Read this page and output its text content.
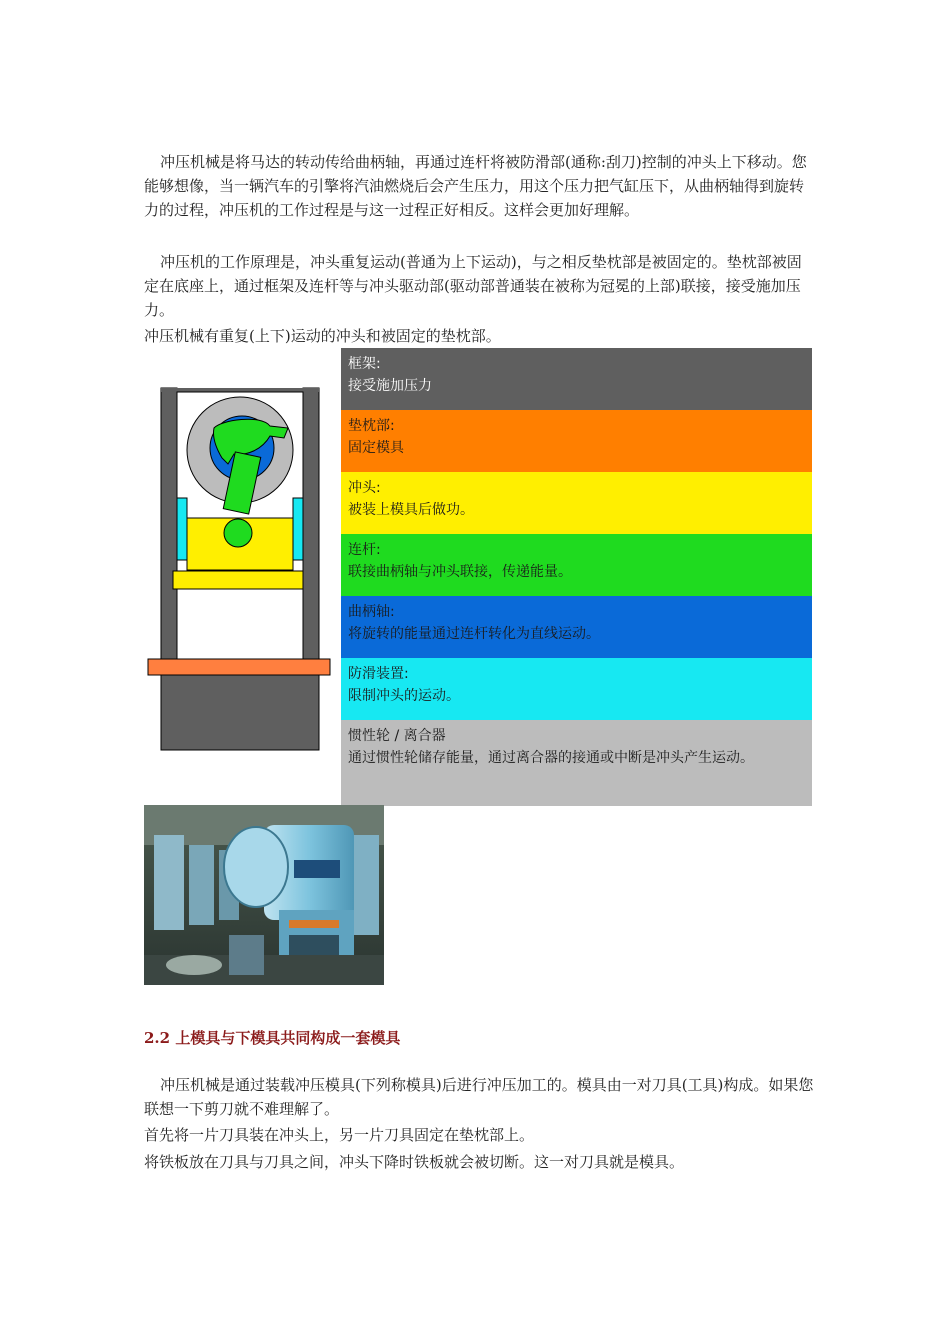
冲压机械是将马达的转动传给曲柄轴，再通过连杆将被防滑部(通称:刮刀)控制的冲头上下移动。您能够想像，当一辆汽车的引擎将汽油燃烧后会产生压力，用这个压力把气缸压下，从曲柄轴得到旋转力的过程，冲压机的工作过程是与这一过程正好相反。这样会更加好理解。

冲压机的工作原理是，冲头重复运动(普通为上下运动)，与之相反垫枕部是被固定的。垫枕部被固定在底座上，通过框架及连杆等与冲头驱动部(驱动部普通装在被称为冠冕的上部)联接，接受施加压力。

冲压机械有重复(上下)运动的冲头和被固定的垫枕部。
框架:
接受施加压力
垫枕部:
固定模具
冲头:
被装上模具后做功。
连杆:
联接曲柄轴与冲头联接，传递能量。
曲柄轴:
将旋转的能量通过连杆转化为直线运动。
防滑装置:
限制冲头的运动。
惯性轮 / 离合器
通过惯性轮储存能量，通过离合器的接通或中断是冲头产生运动。
2.2 上模具与下模具共同构成一套模具

冲压机械是通过装载冲压模具(下列称模具)后进行冲压加工的。模具由一对刀具(工具)构成。如果您联想一下剪刀就不难理解了。

首先将一片刀具装在冲头上，另一片刀具固定在垫枕部上。
将铁板放在刀具与刀具之间，冲头下降时铁板就会被切断。这一对刀具就是模具。
